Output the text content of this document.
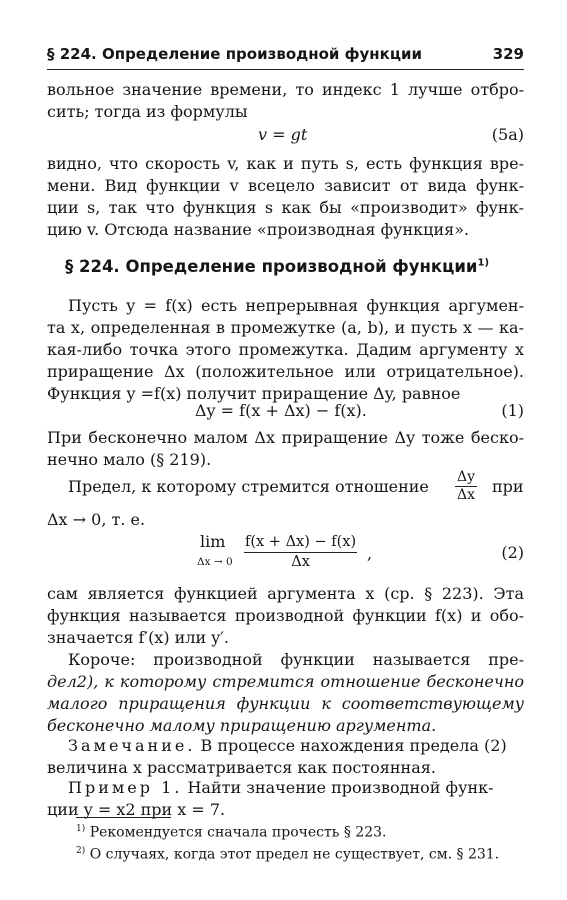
§ 224. Определение производной функции	329
вольное значение времени, то индекс 1 лучше отбро-
сить; тогда из формулы
v = gt	(5a)
видно, что скорость v, как и путь s, есть функция вре-
мени. Вид функции v всецело зависит от вида функ-
ции s, так что функция s как бы «производит» функ-
цию v. Отсюда название «производная функция».
§ 224. Определение производной функции$^{1)}$
Пусть y = f(x) есть непрерывная функция аргумен-
та x, определенная в промежутке (a, b), и пусть x — ка-
кая-либо точка этого промежутка. Дадим аргументу x
приращение Δx (положительное или отрицательное).
Функция y =f(x) получит приращение Δy, равное
Δy = f(x + Δx) − f(x).	(1)
При бесконечно малом Δx приращение Δy тоже беско-
нечно мало (§ 219).
Предел, к которому стремится отношение $\frac{\Delta y}{\Delta x}$ при
Δx → 0, т. е.
lim
$\Delta x \to 0 \frac{f(x + \Delta x) - f(x)}{\Delta x}$ ,	(2)
сам является функцией аргумента x (ср. § 223). Эта
функция называется производной функции f(x) и обо-
значается f′(x) или y′.
Короче: производной функции называется пре-
дел2), к которому стремится отношение бесконечно
малого приращения функции к соответствующему
бесконечно малому приращению аргумента.
Замечание. В процессе нахождения предела (2)
величина x рассматривается как постоянная.
Пример 1. Найти значение производной функ-
ции y = x2 при x = 7.
$^{1)}$ Рекомендуется сначала прочесть § 223.
$^{2)}$ О случаях, когда этот предел не существует, см. § 231.
